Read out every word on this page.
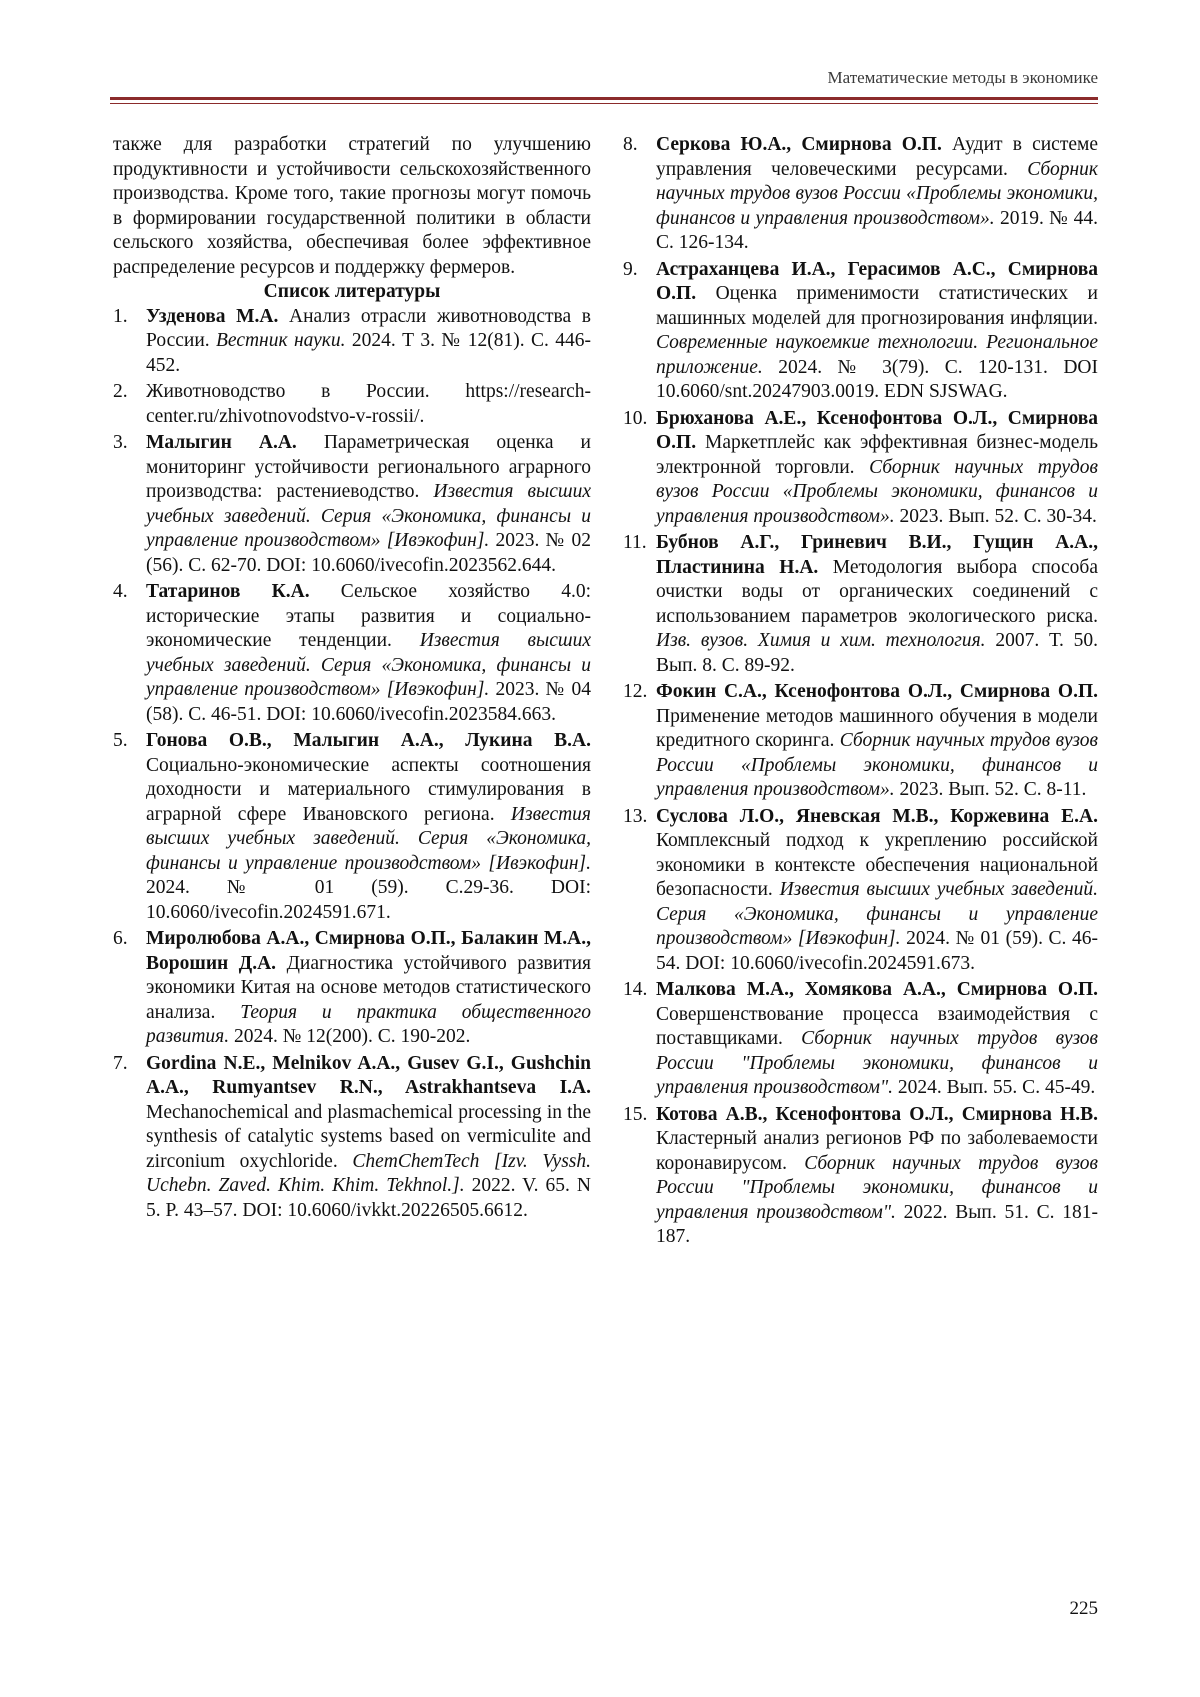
Математические методы в экономике

также для разработки стратегий по улучшению продуктивности и устойчивости сельскохозяйственного производства. Кроме того, такие прогнозы могут помочь в формировании государственной политики в области сельского хозяйства, обеспечивая более эффективное распределение ресурсов и поддержку фермеров.

Список литературы
1. Узденова М.А. Анализ отрасли животноводства в России. Вестник науки. 2024. Т 3. № 12(81). С. 446-452.
2. Животноводство в России. https://research-center.ru/zhivotnovodstvo-v-rossii/.
3. Малыгин А.А. Параметрическая оценка и мониторинг устойчивости регионального аграрного производства: растениеводство. Известия высших учебных заведений. Серия «Экономика, финансы и управление производством» [Ивэкофин]. 2023. № 02 (56). С. 62-70. DOI: 10.6060/ivecofin.2023562.644.
4. Татаринов К.А. Сельское хозяйство 4.0: исторические этапы развития и социально-экономические тенденции. Известия высших учебных заведений. Серия «Экономика, финансы и управление производством» [Ивэкофин]. 2023. № 04 (58). С. 46-51. DOI: 10.6060/ivecofin.2023584.663.
5. Гонова О.В., Малыгин А.А., Лукина В.А. Социально-экономические аспекты соотношения доходности и материального стимулирования в аграрной сфере Ивановского региона. Известия высших учебных заведений. Серия «Экономика, финансы и управление производством» [Ивэкофин]. 2024. № 01 (59). С.29-36. DOI: 10.6060/ivecofin.2024591.671.
6. Миролюбова А.А., Смирнова О.П., Балакин М.А., Ворошин Д.А. Диагностика устойчивого развития экономики Китая на основе методов статистического анализа. Теория и практика общественного развития. 2024. № 12(200). С. 190-202.
7. Gordina N.E., Melnikov A.A., Gusev G.I., Gushchin A.A., Rumyantsev R.N., Astrakhantseva I.A. Mechanochemical and plasmachemical processing in the synthesis of catalytic systems based on vermiculite and zirconium oxychloride. ChemChemTech [Izv. Vyssh. Uchebn. Zaved. Khim. Khim. Tekhnol.]. 2022. V. 65. N 5. P. 43–57. DOI: 10.6060/ivkkt.20226505.6612.
8. Серкова Ю.А., Смирнова О.П. Аудит в системе управления человеческими ресурсами. Сборник научных трудов вузов России «Проблемы экономики, финансов и управления производством». 2019. № 44. С. 126-134.
9. Астраханцева И.А., Герасимов А.С., Смирнова О.П. Оценка применимости статистических и машинных моделей для прогнозирования инфляции. Современные наукоемкие технологии. Региональное приложение. 2024. № 3(79). С. 120-131. DOI 10.6060/snt.20247903.0019. EDN SJSWAG.
10. Брюханова А.Е., Ксенофонтова О.Л., Смирнова О.П. Маркетплейс как эффективная бизнес-модель электронной торговли. Сборник научных трудов вузов России «Проблемы экономики, финансов и управления производством». 2023. Вып. 52. С. 30-34.
11. Бубнов А.Г., Гриневич В.И., Гущин А.А., Пластинина Н.А. Методология выбора способа очистки воды от органических соединений с использованием параметров экологического риска. Изв. вузов. Химия и хим. технология. 2007. Т. 50. Вып. 8. С. 89-92.
12. Фокин С.А., Ксенофонтова О.Л., Смирнова О.П. Применение методов машинного обучения в модели кредитного скоринга. Сборник научных трудов вузов России «Проблемы экономики, финансов и управления производством». 2023. Вып. 52. С. 8-11.
13. Суслова Л.О., Яневская М.В., Коржевина Е.А. Комплексный подход к укреплению российской экономики в контексте обеспечения национальной безопасности. Известия высших учебных заведений. Серия «Экономика, финансы и управление производством» [Ивэкофин]. 2024. № 01 (59). С. 46-54. DOI: 10.6060/ivecofin.2024591.673.
14. Малкова М.А., Хомякова А.А., Смирнова О.П. Совершенствование процесса взаимодействия с поставщиками. Сборник научных трудов вузов России "Проблемы экономики, финансов и управления производством". 2024. Вып. 55. С. 45-49.
15. Котова А.В., Ксенофонтова О.Л., Смирнова Н.В. Кластерный анализ регионов РФ по заболеваемости коронавирусом. Сборник научных трудов вузов России "Проблемы экономики, финансов и управления производством". 2022. Вып. 51. С. 181-187.
225
